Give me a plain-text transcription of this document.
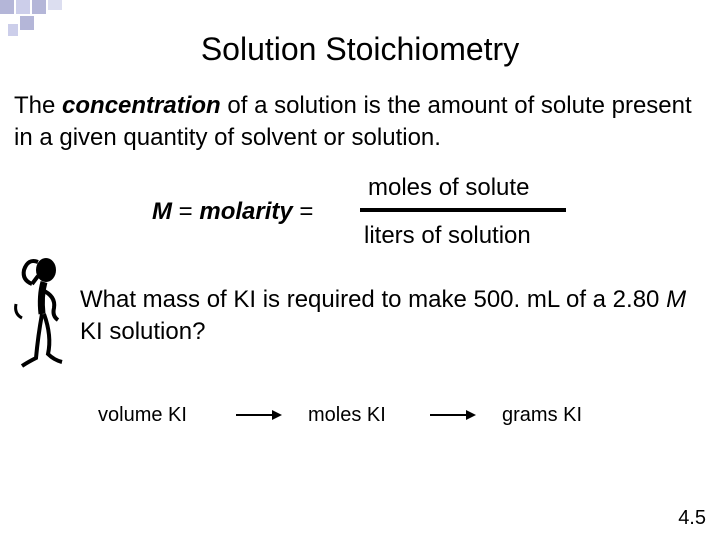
Solution Stoichiometry
The concentration of a solution is the amount of solute present in a given quantity of solvent or solution.
M = molarity =
moles of solute
liters of solution
What mass of KI is required to make 500. mL of a 2.80 M KI solution?
volume KI	moles KI	grams KI
4.5
